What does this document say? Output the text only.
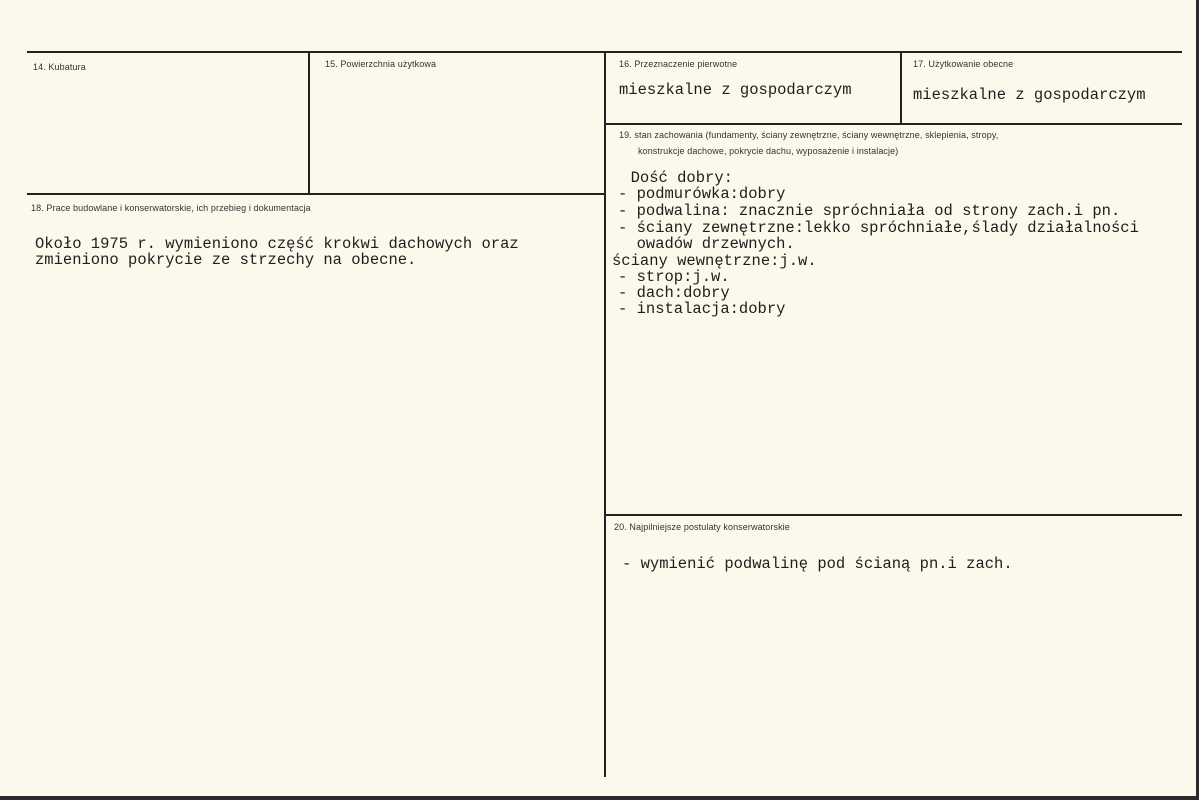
14. Kubatura	15. Powierzchnia użytkowa	16. Przeznaczenie pierwotne
mieszkalne z gospodarczym
17. Użytkowanie obecne
mieszkalne z gospodarczym
18. Prace budowlane i konserwatorskie, ich przebieg i dokumentacja
Około 1975 r. wymieniono część krokwi dachowych oraz
zmieniono pokrycie ze strzechy na obecne.
19. stan zachowania (fundamenty, ściany zewnętrzne, ściany wewnętrzne, sklepienia, stropy,
konstrukcje dachowe, pokrycie dachu, wyposażenie i instalacje)
Dość dobry:
- podmurówka:dobry
- podwalina: znacznie spróchniała od strony zach.i pn.
- ściany zewnętrzne:lekko spróchniałe,ślady działalności
owadów drzewnych.
ściany wewnętrzne:j.w.
- strop:j.w.
- dach:dobry
- instalacja:dobry
20. Najpilniejsze postulaty konserwatorskie
- wymienić podwalinę pod ścianą pn.i zach.
